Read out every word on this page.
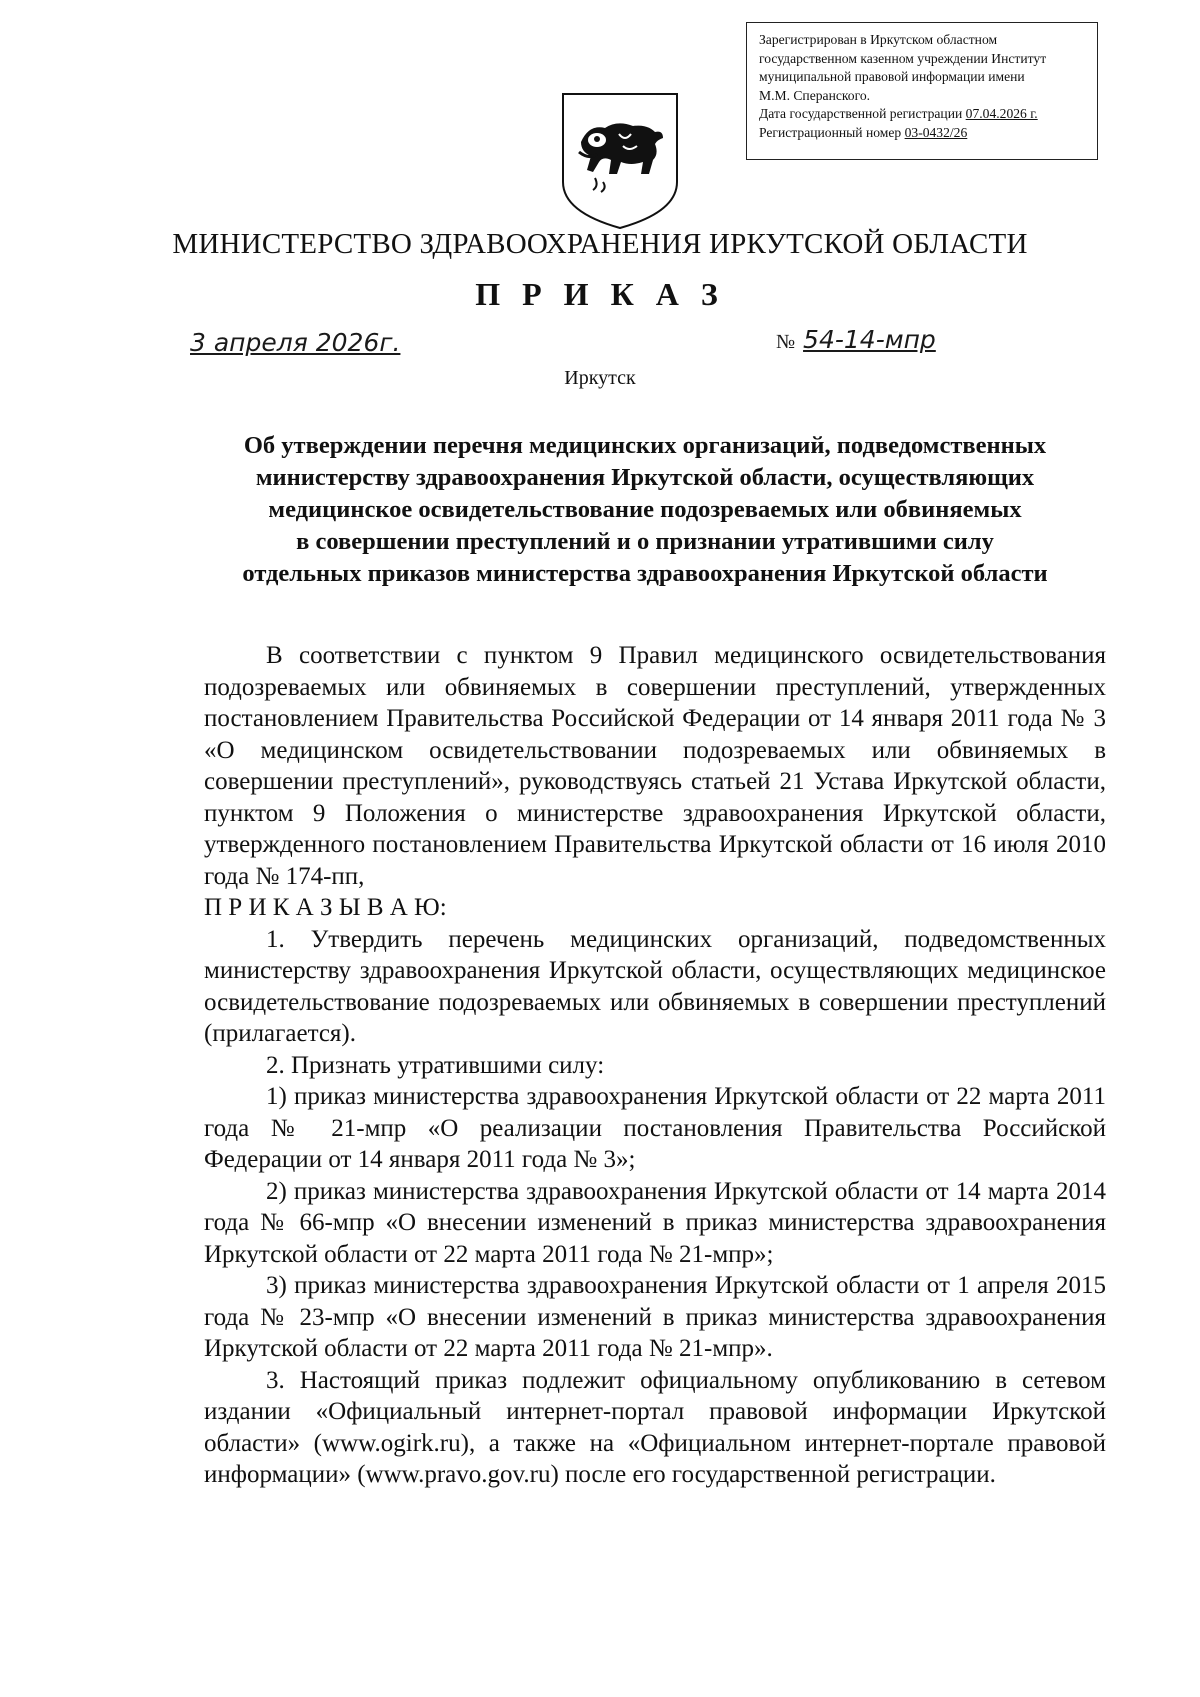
Зарегистрирован в Иркутском областном
государственном казенном учреждении Институт
муниципальной правовой информации имени
М.М. Сперанского.
Дата государственной регистрации 07.04.2026 г.
Регистрационный номер 03-0432/26
МИНИСТЕРСТВО ЗДРАВООХРАНЕНИЯ ИРКУТСКОЙ ОБЛАСТИ
П Р И К А З
3 апреля 2026г.	№ 54-14-мпр
Иркутск
Об утверждении перечня медицинских организаций, подведомственных
министерству здравоохранения Иркутской области, осуществляющих
медицинское освидетельствование подозреваемых или обвиняемых
в совершении преступлений и о признании утратившими силу
отдельных приказов министерства здравоохранения Иркутской области

В соответствии с пунктом 9 Правил медицинского освидетельствования подозреваемых или обвиняемых в совершении преступлений, утвержденных постановлением Правительства Российской Федерации от 14 января 2011 года № 3 «О медицинском освидетельствовании подозреваемых или обвиняемых в совершении преступлений», руководствуясь статьей 21 Устава Иркутской области, пунктом 9 Положения о министерстве здравоохранения Иркутской области, утвержденного постановлением Правительства Иркутской области от 16 июля 2010 года № 174-пп,

П Р И К А З Ы В А Ю:

1. Утвердить перечень медицинских организаций, подведомственных министерству здравоохранения Иркутской области, осуществляющих медицинское освидетельствование подозреваемых или обвиняемых в совершении преступлений (прилагается).

2. Признать утратившими силу:

1) приказ министерства здравоохранения Иркутской области от 22 марта 2011 года № 21-мпр «О реализации постановления Правительства Российской Федерации от 14 января 2011 года № 3»;

2) приказ министерства здравоохранения Иркутской области от 14 марта 2014 года № 66-мпр «О внесении изменений в приказ министерства здравоохранения Иркутской области от 22 марта 2011 года № 21-мпр»;

3) приказ министерства здравоохранения Иркутской области от 1 апреля 2015 года № 23-мпр «О внесении изменений в приказ министерства здравоохранения Иркутской области от 22 марта 2011 года № 21-мпр».

3. Настоящий приказ подлежит официальному опубликованию в сетевом издании «Официальный интернет-портал правовой информации Иркутской области» (www.ogirk.ru), а также на «Официальном интернет-портале правовой информации» (www.pravo.gov.ru) после его государственной регистрации.
